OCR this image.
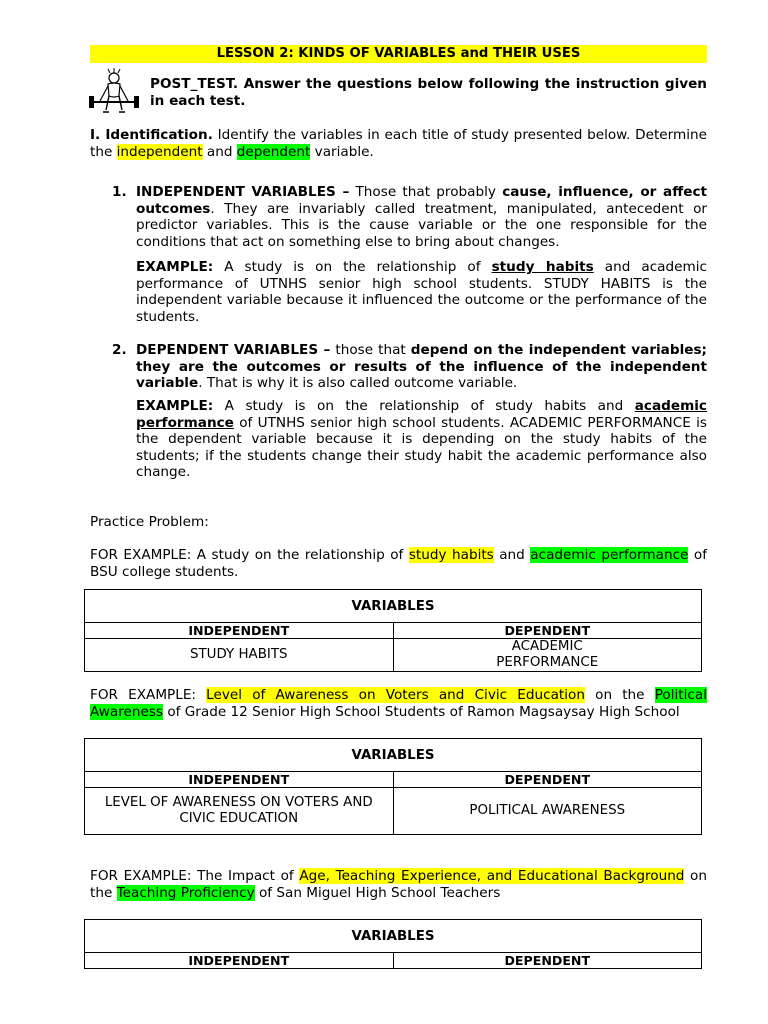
LESSON 2: KINDS OF VARIABLES and THEIR USES
POST_TEST. Answer the questions below following the instruction given in each test.
I. Identification. Identify the variables in each title of study presented below. Determine the independent and dependent variable.
1. INDEPENDENT VARIABLES – Those that probably cause, influence, or affect outcomes. They are invariably called treatment, manipulated, antecedent or predictor variables. This is the cause variable or the one responsible for the conditions that act on something else to bring about changes.
EXAMPLE: A study is on the relationship of study habits and academic performance of UTNHS senior high school students. STUDY HABITS is the independent variable because it influenced the outcome or the performance of the students.
2. DEPENDENT VARIABLES – those that depend on the independent variables; they are the outcomes or results of the influence of the independent variable. That is why it is also called outcome variable.
EXAMPLE: A study is on the relationship of study habits and academic performance of UTNHS senior high school students. ACADEMIC PERFORMANCE is the dependent variable because it is depending on the study habits of the students; if the students change their study habit the academic performance also change.
Practice Problem:
FOR EXAMPLE: A study on the relationship of study habits and academic performance of BSU college students.
VARIABLES	
INDEPENDENT	DEPENDENT
STUDY HABITS	ACADEMIC PERFORMANCE
FOR EXAMPLE: Level of Awareness on Voters and Civic Education on the Political Awareness of Grade 12 Senior High School Students of Ramon Magsaysay High School
VARIABLES	
INDEPENDENT	DEPENDENT
LEVEL OF AWARENESS ON VOTERS AND CIVIC EDUCATION	POLITICAL AWARENESS
FOR EXAMPLE: The Impact of Age, Teaching Experience, and Educational Background on the Teaching Proficiency of San Miguel High School Teachers
VARIABLES
INDEPENDENT	DEPENDENT
